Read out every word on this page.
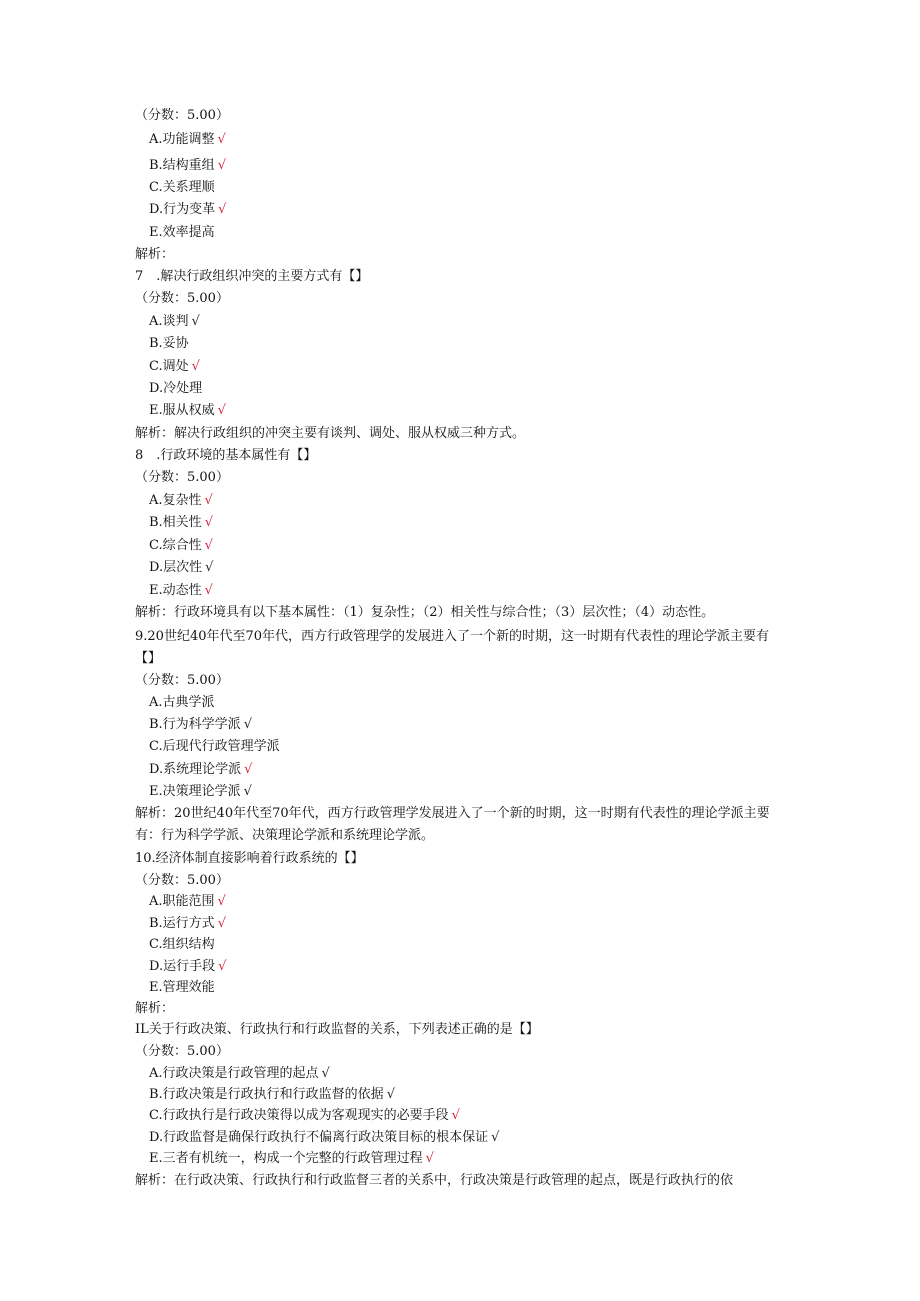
（分数：5.00）
A.功能调整 √
B.结构重组 √
C.关系理顺
D.行为变革 √
E.效率提高
解析：
7　.解决行政组织冲突的主要方式有【】
（分数：5.00）
A.谈判 √
B.妥协
C.调处 √
D.冷处理
E.服从权威 √
解析：解决行政组织的冲突主要有谈判、调处、服从权威三种方式。
8　.行政环境的基本属性有【】
（分数：5.00）
A.复杂性 √
B.相关性 √
C.综合性 √
D.层次性 √
E.动态性 √
解析：行政环境具有以下基本属性：（1）复杂性；（2）相关性与综合性；（3）层次性；（4）动态性。
9.20世纪40年代至70年代，西方行政管理学的发展进入了一个新的时期，这一时期有代表性的理论学派主要有【】
（分数：5.00）
A.古典学派
B.行为科学学派 √
C.后现代行政管理学派
D.系统理论学派 √
E.决策理论学派 √
解析：20世纪40年代至70年代，西方行政管理学发展进入了一个新的时期，这一时期有代表性的理论学派主要有：行为科学学派、决策理论学派和系统理论学派。
10.经济体制直接影响着行政系统的【】
（分数：5.00）
A.职能范围 √
B.运行方式 √
C.组织结构
D.运行手段 √
E.管理效能
解析：
IL关于行政决策、行政执行和行政监督的关系，下列表述正确的是【】
（分数：5.00）
A.行政决策是行政管理的起点 √
B.行政决策是行政执行和行政监督的依据 √
C.行政执行是行政决策得以成为客观现实的必要手段 √
D.行政监督是确保行政执行不偏离行政决策目标的根本保证 √
E.三者有机统一，构成一个完整的行政管理过程 √
解析：在行政决策、行政执行和行政监督三者的关系中，行政决策是行政管理的起点，既是行政执行的依
